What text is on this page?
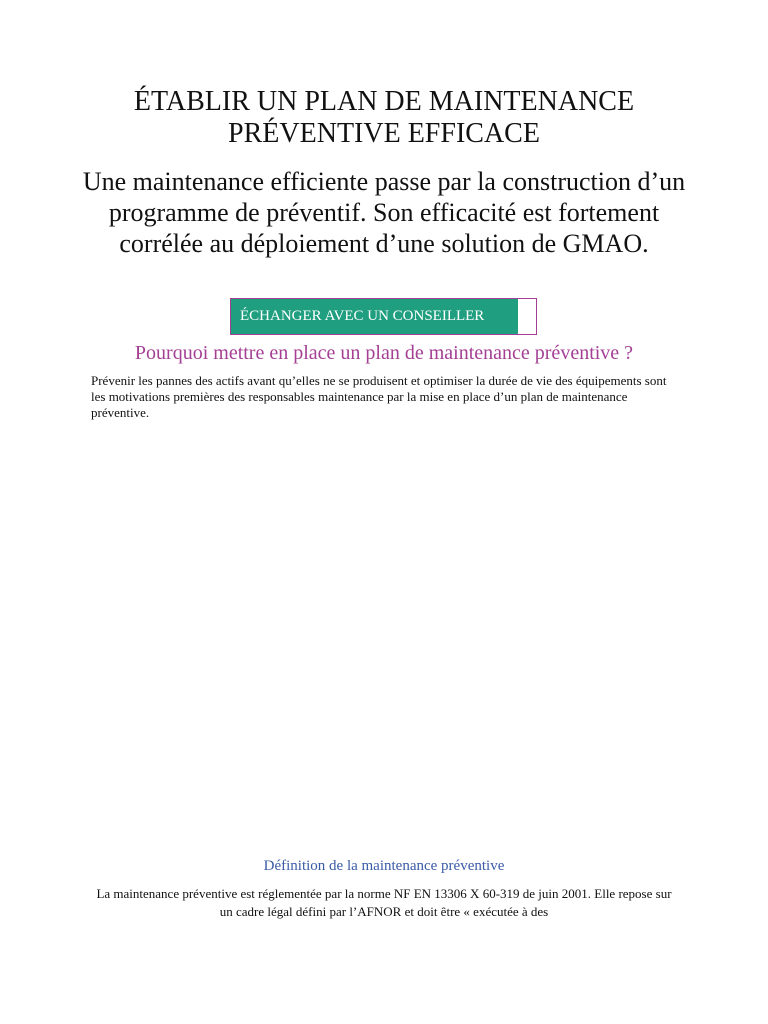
ÉTABLIR UN PLAN DE MAINTENANCE PRÉVENTIVE EFFICACE

Une maintenance efficiente passe par la construction d’un programme de préventif. Son efficacité est fortement corrélée au déploiement d’une solution de GMAO.

ÉCHANGER AVEC UN CONSEILLER
Pourquoi mettre en place un plan de maintenance préventive ?

Prévenir les pannes des actifs avant qu’elles ne se produisent et optimiser la durée de vie des équipements sont les motivations premières des responsables maintenance par la mise en place d’un plan de maintenance préventive.

Définition de la maintenance préventive

La maintenance préventive est réglementée par la norme NF EN 13306 X 60-319 de juin 2001. Elle repose sur un cadre légal défini par l’AFNOR et doit être « exécutée à des
